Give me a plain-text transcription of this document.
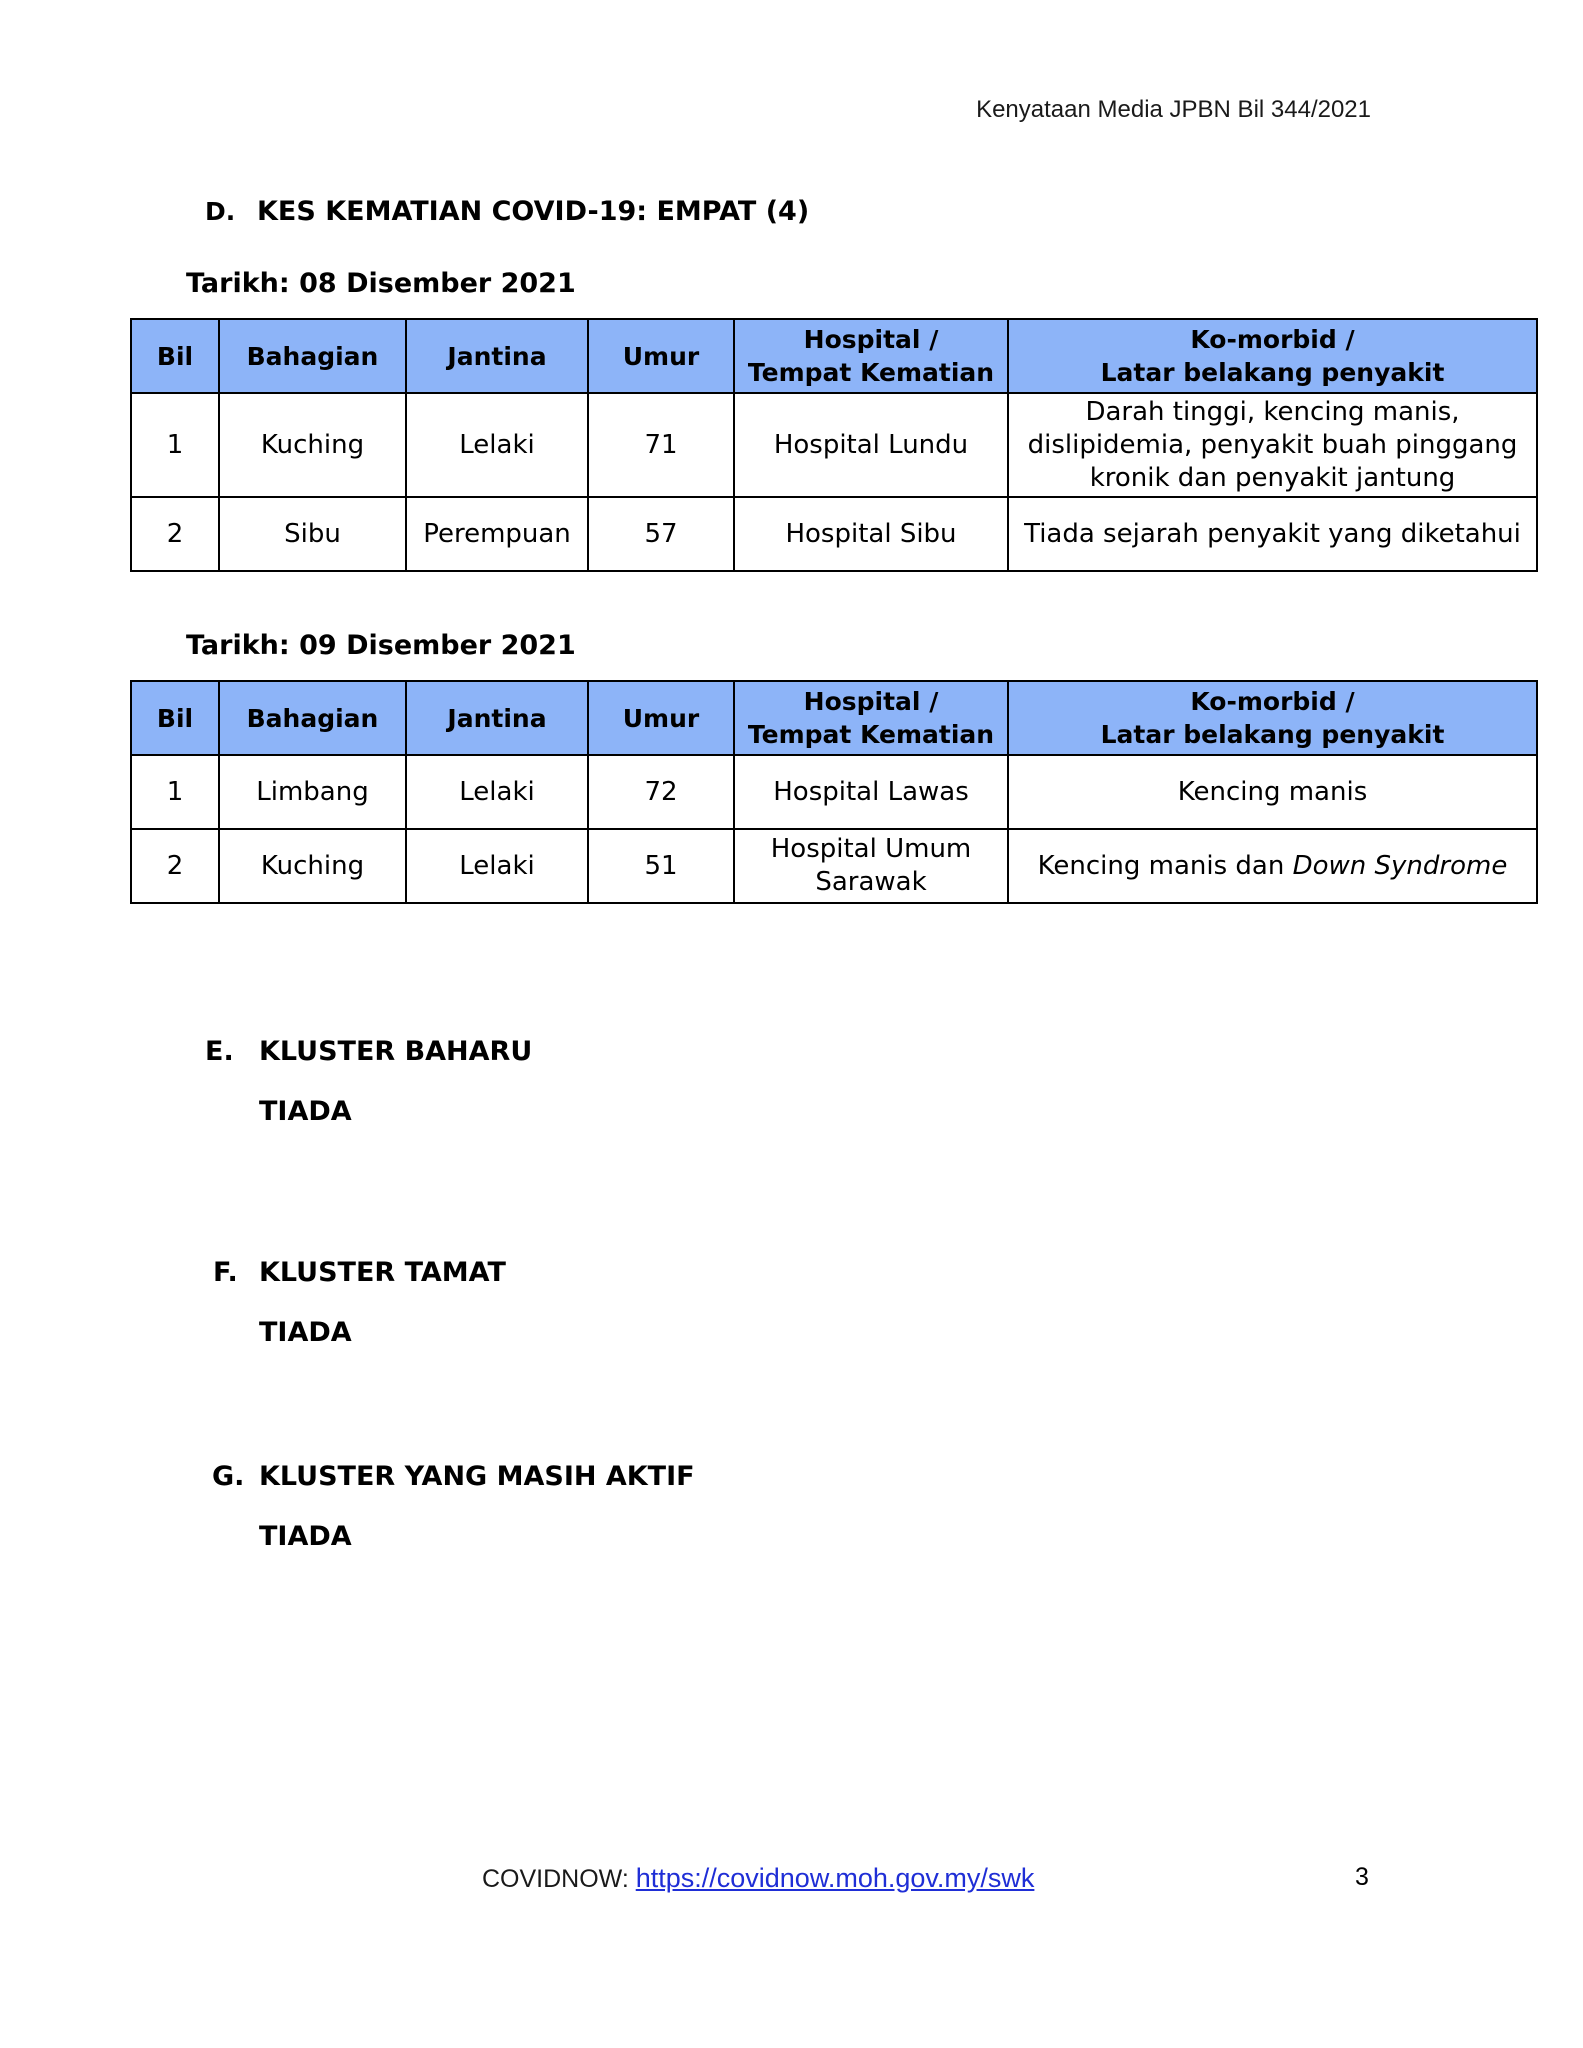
Kenyataan Media JPBN Bil 344/2021
D. KES KEMATIAN COVID-19: EMPAT (4)
Tarikh: 08 Disember 2021
Bil	Bahagian	Jantina	Umur	Hospital /
Tempat Kematian	Ko-morbid /
Latar belakang penyakit
1	Kuching	Lelaki	71	Hospital Lundu	Darah tinggi, kencing manis,
dislipidemia, penyakit buah pinggang
kronik dan penyakit jantung
2	Sibu	Perempuan	57	Hospital Sibu	Tiada sejarah penyakit yang diketahui
Tarikh: 09 Disember 2021
Bil	Bahagian	Jantina	Umur	Hospital /
Tempat Kematian	Ko-morbid /
Latar belakang penyakit
1	Limbang	Lelaki	72	Hospital Lawas	Kencing manis
2	Kuching	Lelaki	51	Hospital Umum
Sarawak	Kencing manis dan Down Syndrome
E. KLUSTER BAHARU
TIADA
F. KLUSTER TAMAT
TIADA
G. KLUSTER YANG MASIH AKTIF
TIADA
COVIDNOW: https://covidnow.moh.gov.my/swk	3
